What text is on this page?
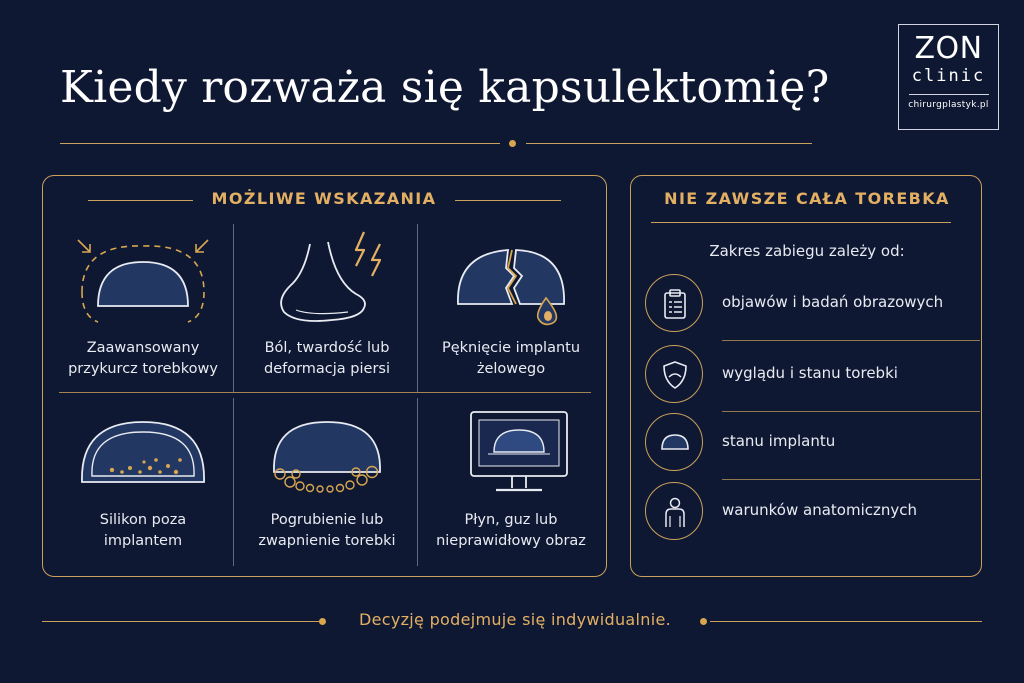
Kiedy rozważa się kapsulektomię?
ZON
clinic
chirurgplastyk.pl
MOŻLIWE WSKAZANIA
Zaawansowany
przykurcz torebkowy
Ból, twardość lub
deformacja piersi
Pęknięcie implantu
żelowego
Silikon poza
implantem
Pogrubienie lub
zwapnienie torebki
Płyn, guz lub
nieprawidłowy obraz
NIE ZAWSZE CAŁA TOREBKA
Zakres zabiegu zależy od:
objawów i badań obrazowych
wyglądu i stanu torebki
stanu implantu
warunków anatomicznych
Decyzję podejmuje się indywidualnie.
